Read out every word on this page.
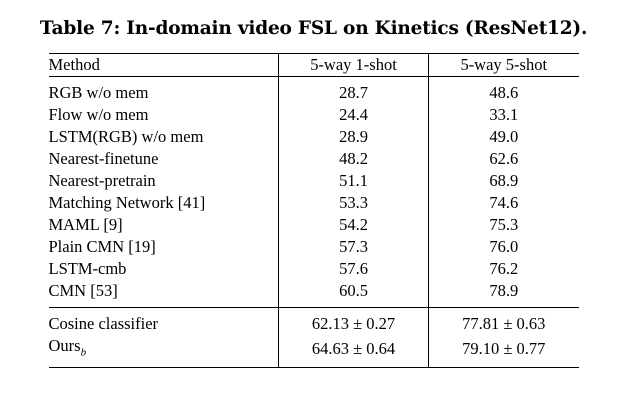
Table 7: In-domain video FSL on Kinetics (ResNet12).
Method	5-way 1-shot	5-way 5-shot

RGB w/o mem	28.7	48.6
Flow w/o mem	24.4	33.1
LSTM(RGB) w/o mem	28.9	49.0
Nearest-finetune	48.2	62.6
Nearest-pretrain	51.1	68.9
Matching Network [41]	53.3	74.6
MAML [9]	54.2	75.3
Plain CMN [19]	57.3	76.0
LSTM-cmb	57.6	76.2
CMN [53]	60.5	78.9

Cosine classifier	62.13 ± 0.27	77.81 ± 0.63
Ours$_b$	64.63 ± 0.64	79.10 ± 0.77
